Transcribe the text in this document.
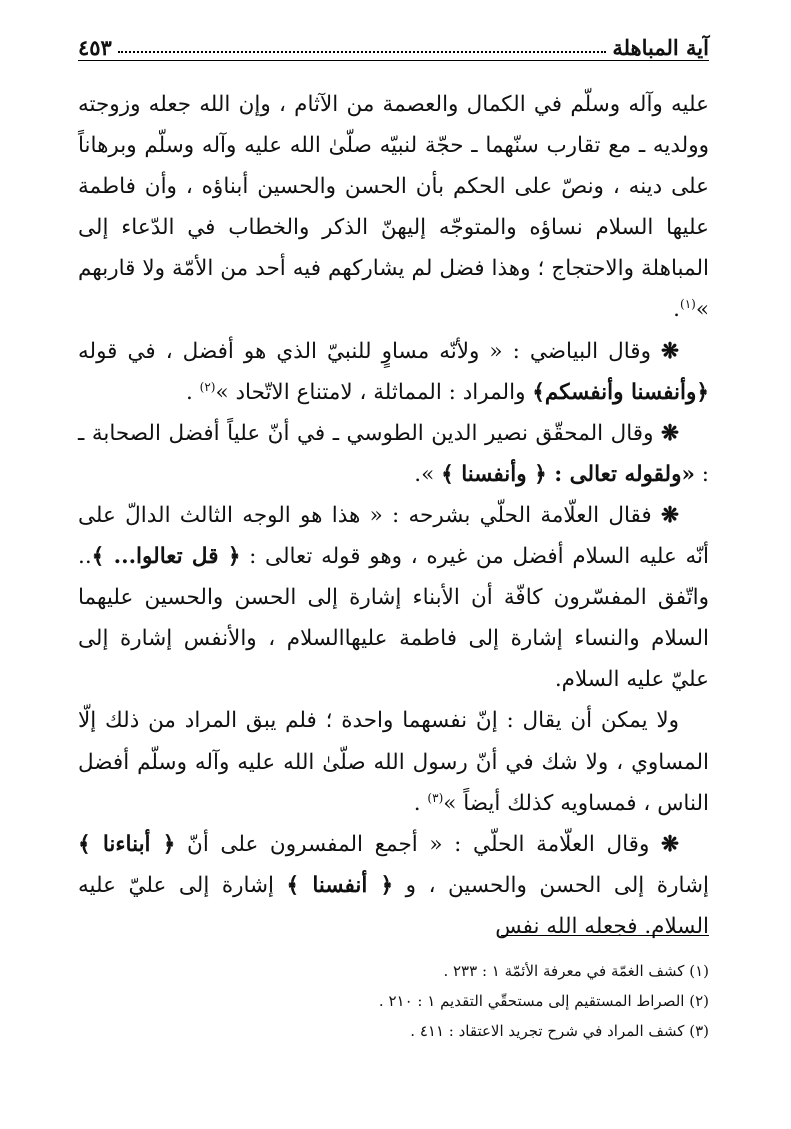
آية المباهلة
٤٥٣

عليه وآله وسلّم في الكمال والعصمة من الآثام ، وإن الله جعله وزوجته وولديه ـ مع تقارب سنّهما ـ حجّة لنبيّه صلّىٰ الله عليه وآله وسلّم وبرهاناً على دينه ، ونصّ على الحكم بأن الحسن والحسين أبناؤه ، وأن فاطمة عليها السلام نساؤه والمتوجّه إليهنّ الذكر والخطاب في الدّعاء إلى المباهلة والاحتجاج ؛ وهذا فضل لم يشاركهم فيه أحد من الأمّة ولا قاربهم »$^{(١)}$.

❋ وقال البياضي : « ولأنّه مساوٍ للنبيّ الذي هو أفضل ، في قوله ﴿وأنفسنا وأنفسكم﴾ والمراد : المماثلة ، لامتناع الاتّحاد »$^{(٢)}$ .

❋ وقال المحقّق نصير الدين الطوسي ـ في أنّ علياً أفضل الصحابة ـ : «ولقوله تعالى : ﴿ وأنفسنا ﴾ ».

❋ فقال العلّامة الحلّي بشرحه : « هذا هو الوجه الثالث الدالّ على أنّه عليه السلام أفضل من غيره ، وهو قوله تعالى : ﴿ قل تعالوا... ﴾.. واتّفق المفسّرون كافّة أن الأبناء إشارة إلى الحسن والحسين عليهما السلام والنساء إشارة إلى فاطمة عليهاالسلام ، والأنفس إشارة إلى عليّ عليه السلام.

ولا يمكن أن يقال : إنّ نفسهما واحدة ؛ فلم يبق المراد من ذلك إلّا المساوي ، ولا شك في أنّ رسول الله صلّىٰ الله عليه وآله وسلّم أفضل الناس ، فمساويه كذلك أيضاً »$^{(٣)}$ .

❋ وقال العلّامة الحلّي : « أجمع المفسرون على أنّ ﴿ أبناءنا ﴾ إشارة إلى الحسن والحسين ، و ﴿ أنفسنا ﴾ إشارة إلى عليّ عليه السلام. فجعله الله نفس

(١) كشف الغمّة في معرفة الأئمّة ١ : ٢٣٣ .
(٢) الصراط المستقيم إلى مستحقّي التقديم ١ : ٢١٠ .
(٣) كشف المراد في شرح تجريد الاعتقاد : ٤١١ .
